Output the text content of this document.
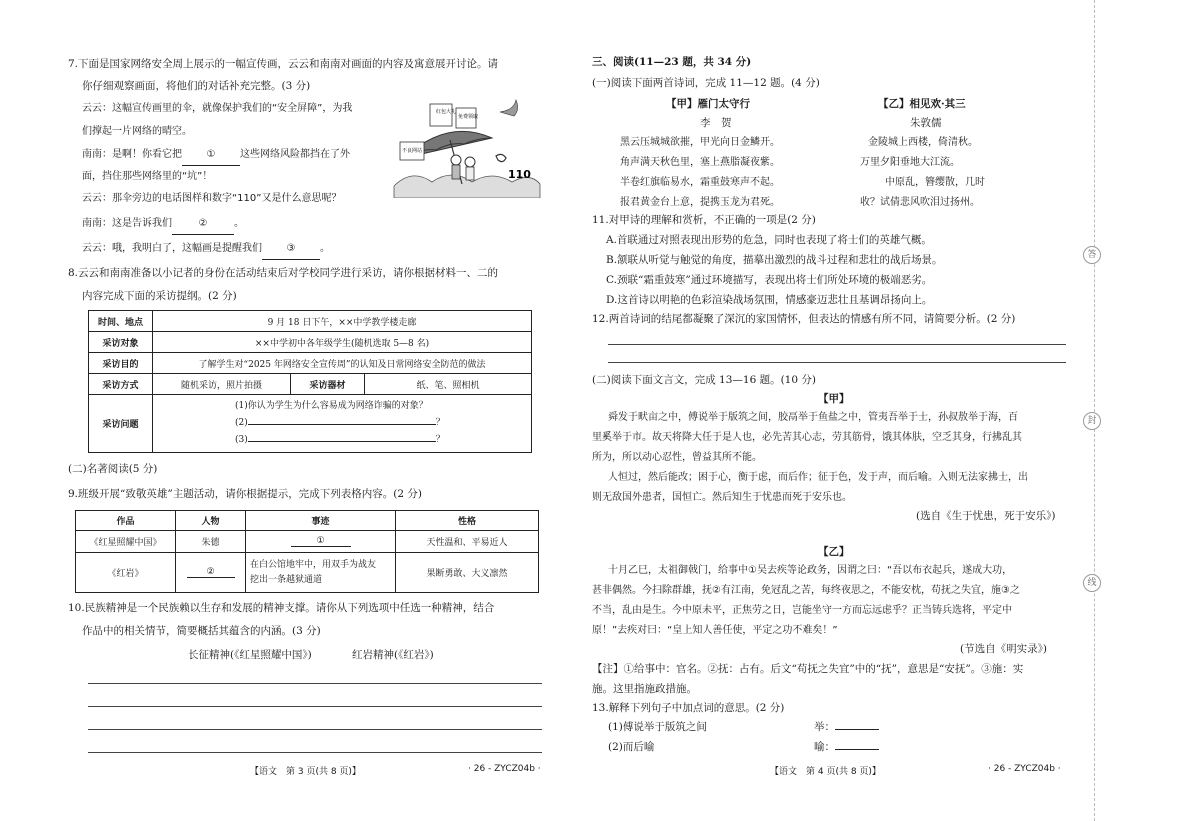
7.下面是国家网络安全周上展示的一幅宣传画，云云和南南对画面的内容及寓意展开讨论。请
你仔细观察画面，将他们的对话补充完整。(3 分)
云云：这幅宣传画里的伞，就像保护我们的“安全屏障”，为我
们撑起一片网络的晴空。
南南：是啊！你看它把 ① 这些网络风险都挡在了外
面，挡住那些网络里的“坑”！
云云：那伞旁边的电话图样和数字“110”又是什么意思呢？
南南：这是告诉我们	②	。
云云：哦，我明白了，这幅画是提醒我们 ③ 。
红包大礼
免费领取
不良网站
110
8.云云和南南准备以小记者的身份在活动结束后对学校同学进行采访，请你根据材料一、二的
内容完成下面的采访提纲。(2 分)
时间、地点	9 月 18 日下午，××中学教学楼走廊		
采访对象	××中学初中各年级学生(随机选取 5—8 名)		
采访目的	了解学生对“2025 年网络安全宣传周”的认知及日常网络安全防范的做法		
采访方式	随机采访，照片拍摄	采访器材	纸、笔、照相机
采访问题	(1)你认为学生为什么容易成为网络诈骗的对象？
(2) ？
(3) ？		
(二)名著阅读(5 分)
9.班级开展“致敬英雄”主题活动，请你根据提示，完成下列表格内容。(2 分)
作品	人物	事迹	性格
《红星照耀中国》	朱德	①	天性温和、平易近人
《红岩》	②	在白公馆地牢中，用双手为战友
挖出一条越狱通道	果断勇敢、大义凛然
10.民族精神是一个民族赖以生存和发展的精神支撑。请你从下列选项中任选一种精神，结合
作品中的相关情节，简要概括其蕴含的内涵。(3 分)
长征精神(《红星照耀中国》)	红岩精神(《红岩》)
【语文　第 3 页(共 8 页)】	· 26 - ZYCZ04b ·
三、阅读(11—23 题，共 34 分)
(一)阅读下面两首诗词，完成 11—12 题。(4 分)
【甲】雁门太守行
李　贺
黑云压城城欲摧，甲光向日金鳞开。
角声满天秋色里，塞上燕脂凝夜紫。
半卷红旗临易水，霜重鼓寒声不起。
报君黄金台上意，提携玉龙为君死。
【乙】相见欢·其三
朱敦儒
金陵城上西楼，倚清秋。
万里夕阳垂地大江流。
中原乱，簪缨散，几时
收？试倩悲风吹泪过扬州。
11.对甲诗的理解和赏析，不正确的一项是(2 分)
A.首联通过对照表现出形势的危急，同时也表现了将士们的英雄气概。
B.颔联从听觉与触觉的角度，描摹出激烈的战斗过程和悲壮的战后场景。
C.颈联“霜重鼓寒”通过环境描写，表现出将士们所处环境的极端恶劣。
D.这首诗以明艳的色彩渲染战场氛围，情感豪迈悲壮且基调昂扬向上。
12.两首诗词的结尾都凝聚了深沉的家国情怀，但表达的情感有所不同，请简要分析。(2 分)
(二)阅读下面文言文，完成 13—16 题。(10 分)
【甲】
舜发于畎亩之中，傅说举于版筑之间，胶鬲举于鱼盐之中，管夷吾举于士，孙叔敖举于海，百
里奚举于市。故天将降大任于是人也，必先苦其心志，劳其筋骨，饿其体肤，空乏其身，行拂乱其
所为，所以动心忍性，曾益其所不能。
人恒过，然后能改；困于心，衡于虑，而后作；征于色，发于声，而后喻。入则无法家拂士，出
则无敌国外患者，国恒亡。然后知生于忧患而死于安乐也。
(选自《生于忧患，死于安乐》)
【乙】
十月乙巳，太祖御戟门，给事中①吴去疾等论政务，因谓之曰：“吾以布衣起兵，遂成大功，
甚非偶然。今扫除群雄，抚②有江南，免冠乱之苦，每终夜思之，不能安枕，苟抚之失宜，施③之
不当，乱由是生。今中原未平，正焦劳之日，岂能坐守一方而忘远虑乎？正当铸兵选将，平定中
原！”去疾对曰：“皇上知人善任使，平定之功不难矣！”
(节选自《明实录》)
【注】①给事中：官名。②抚：占有。后文“苟抚之失宜”中的“抚”，意思是“安抚”。③施：实
施。这里指施政措施。
13.解释下列句子中加点词的意思。(2 分)
(1)傅说举于版筑之间	举：
(2)而后喻	喻：
【语文　第 4 页(共 8 页)】	· 26 - ZYCZ04b ·
答
封
线
